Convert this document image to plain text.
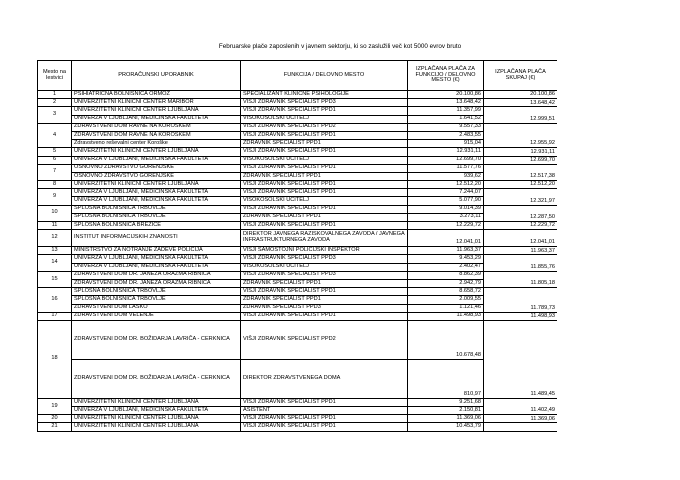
Februarske plače zaposlenih v javnem sektorju, ki so zaslužili več kot 5000 evrov bruto
Mesto na lestvici	PRORAČUNSKI UPORABNIK	FUNKCIJA / DELOVNO MESTO	IZPLAČANA PLAČA ZA FUNKCIJO / DELOVNO MESTO (€)	IZPLAČANA PLAČA SKUPAJ (€)
1	PSIHIATRIČNA BOLNIŠNICA ORMOŽ	SPECIALIZANT KLINIČNE PSIHOLOGIJE	20.100,86	20.100,86
2	UNIVERZITETNI KLINIČNI CENTER MARIBOR	VIŠJI ZDRAVNIK SPECIALIST PPD3	13.648,42	13.648,42
3	UNIVERZITETNI KLINIČNI CENTER LJUBLJANA	VIŠJI ZDRAVNIK SPECIALIST PPD1	11.357,99	12.999,51
	UNIVERZA V LJUBLJANI, MEDICINSKA FAKULTETA	VISOKOŠOLSKI UČITELJ	1.641,52	
4	ZDRAVSTVENI DOM RAVNE NA KOROŠKEM	VIŠJI ZDRAVNIK SPECIALIST PPD2	9.557,33	12.955,92
	ZDRAVSTVENI DOM RAVNE NA KOROŠKEM	VIŠJI ZDRAVNIK SPECIALIST PPD1	2.483,55	
	Zdravstveno reševalni center Koroške	ZDRAVNIK SPECIALIST PPD1	915,04	
5	UNIVERZITETNI KLINIČNI CENTER LJUBLJANA	VIŠJI ZDRAVNIK SPECIALIST PPD1	12.931,11	12.931,11
6	UNIVERZA V LJUBLJANI, MEDICINSKA FAKULTETA	VISOKOŠOLSKI UČITELJ	12.699,70	12.699,70
7	OSNOVNO ZDRAVSTVO GORENJSKE	VIŠJI ZDRAVNIK SPECIALIST PPD1	11.577,76	12.517,38
	OSNOVNO ZDRAVSTVO GORENJSKE	ZDRAVNIK SPECIALIST PPD1	939,62	
8	UNIVERZITETNI KLINIČNI CENTER LJUBLJANA	VIŠJI ZDRAVNIK SPECIALIST PPD1	12.512,20	12.512,20
9	UNIVERZA V LJUBLJANI, MEDICINSKA FAKULTETA	VIŠJI ZDRAVNIK SPECIALIST PPD1	7.244,07	12.321,97
	UNIVERZA V LJUBLJANI, MEDICINSKA FAKULTETA	VISOKOŠOLSKI UČITELJ	5.077,90	
10	SPLOŠNA BOLNIŠNICA TRBOVLJE	VIŠJI ZDRAVNIK SPECIALIST PPD1	9.014,39	12.287,50
	SPLOŠNA BOLNIŠNICA TRBOVLJE	ZDRAVNIK SPECIALIST PPD1	3.273,11	
11	SPLOŠNA BOLNIŠNICA BREŽICE	VIŠJI ZDRAVNIK SPECIALIST PPD1	12.229,72	12.229,72
12	INSTITUT INFORMACIJSKIH ZNANOSTI	DIREKTOR JAVNEGA RAZISKOVALNEGA ZAVODA / JAVNEGA INFRASTRUKTURNEGA ZAVODA	12.041,01	12.041,01
13	MINISTRSTVO ZA NOTRANJE ZADEVE POLICIJA	VIŠJI SAMOSTOJNI POLICIJSKI INŠPEKTOR	11.963,37	11.963,37
14	UNIVERZA V LJUBLJANI, MEDICINSKA FAKULTETA	VIŠJI ZDRAVNIK SPECIALIST PPD3	9.453,29	11.855,76
	UNIVERZA V LJUBLJANI, MEDICINSKA FAKULTETA	VISOKOŠOLSKI UČITELJ	2.402,47	
15	ZDRAVSTVENI DOM DR. JANEZA ORAŽMA RIBNICA	VIŠJI ZDRAVNIK SPECIALIST PPD3	8.862,39	11.805,18
	ZDRAVSTVENI DOM DR. JANEZA ORAŽMA RIBNICA	ZDRAVNIK SPECIALIST PPD1	2.942,79	
16	SPLOŠNA BOLNIŠNICA TRBOVLJE	VIŠJI ZDRAVNIK SPECIALIST PPD1	8.658,72	11.789,73
	SPLOŠNA BOLNIŠNICA TRBOVLJE	ZDRAVNIK SPECIALIST PPD1	2.009,55	
	ZDRAVSTVENI DOM LAŠKO	ZDRAVNIK SPECIALIST PPD3	1.121,46	
17	ZDRAVSTVENI DOM VELENJE	VIŠJI ZDRAVNIK SPECIALIST PPD1	11.498,93	11.498,93
18	ZDRAVSTVENI DOM DR. BOŽIDARJA LAVRIČA - CERKNICA	VIŠJI ZDRAVNIK SPECIALIST PPD2	10.678,48	11.489,45
	ZDRAVSTVENI DOM DR. BOŽIDARJA LAVRIČA - CERKNICA	DIREKTOR ZDRAVSTVENEGA DOMA	810,97	
19	UNIVERZITETNI KLINIČNI CENTER LJUBLJANA	VIŠJI ZDRAVNIK SPECIALIST PPD1	9.251,68	11.402,49
	UNIVERZA V LJUBLJANI, MEDICINSKA FAKULTETA	ASISTENT	2.150,81	
20	UNIVERZITETNI KLINIČNI CENTER LJUBLJANA	VIŠJI ZDRAVNIK SPECIALIST PPD1	11.369,06	11.369,06
21	UNIVERZITETNI KLINIČNI CENTER LJUBLJANA	VIŠJI ZDRAVNIK SPECIALIST PPD1	10.453,79	
